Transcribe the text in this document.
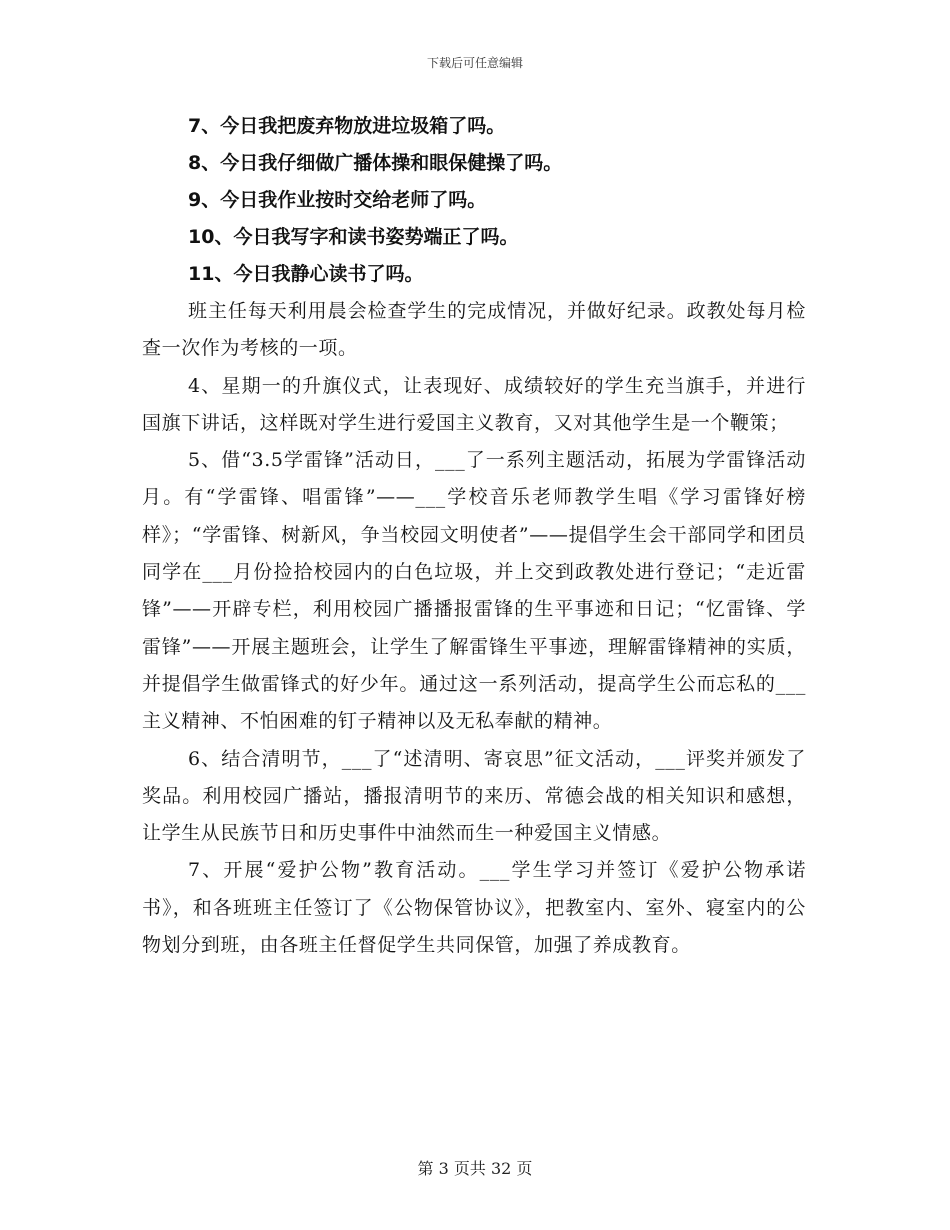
下载后可任意编辑
7、今日我把废弃物放进垃圾箱了吗。
8、今日我仔细做广播体操和眼保健操了吗。
9、今日我作业按时交给老师了吗。
10、今日我写字和读书姿势端正了吗。
11、今日我静心读书了吗。

班主任每天利用晨会检查学生的完成情况，并做好纪录。政教处每月检查一次作为考核的一项。

4、星期一的升旗仪式，让表现好、成绩较好的学生充当旗手，并进行国旗下讲话，这样既对学生进行爱国主义教育，又对其他学生是一个鞭策；

5、借“3.5学雷锋”活动日，___了一系列主题活动，拓展为学雷锋活动月。有“学雷锋、唱雷锋”——___学校音乐老师教学生唱《学习雷锋好榜样》；“学雷锋、树新风，争当校园文明使者”——提倡学生会干部同学和团员同学在___月份捡拾校园内的白色垃圾，并上交到政教处进行登记；“走近雷锋”——开辟专栏，利用校园广播播报雷锋的生平事迹和日记；“忆雷锋、学雷锋”——开展主题班会，让学生了解雷锋生平事迹，理解雷锋精神的实质，并提倡学生做雷锋式的好少年。通过这一系列活动，提高学生公而忘私的___主义精神、不怕困难的钉子精神以及无私奉献的精神。

6、结合清明节，___了“述清明、寄哀思”征文活动，___评奖并颁发了奖品。利用校园广播站，播报清明节的来历、常德会战的相关知识和感想，让学生从民族节日和历史事件中油然而生一种爱国主义情感。

7、开展“爱护公物”教育活动。___学生学习并签订《爱护公物承诺书》，和各班班主任签订了《公物保管协议》，把教室内、室外、寝室内的公物划分到班，由各班主任督促学生共同保管，加强了养成教育。

第 3 页共 32 页
